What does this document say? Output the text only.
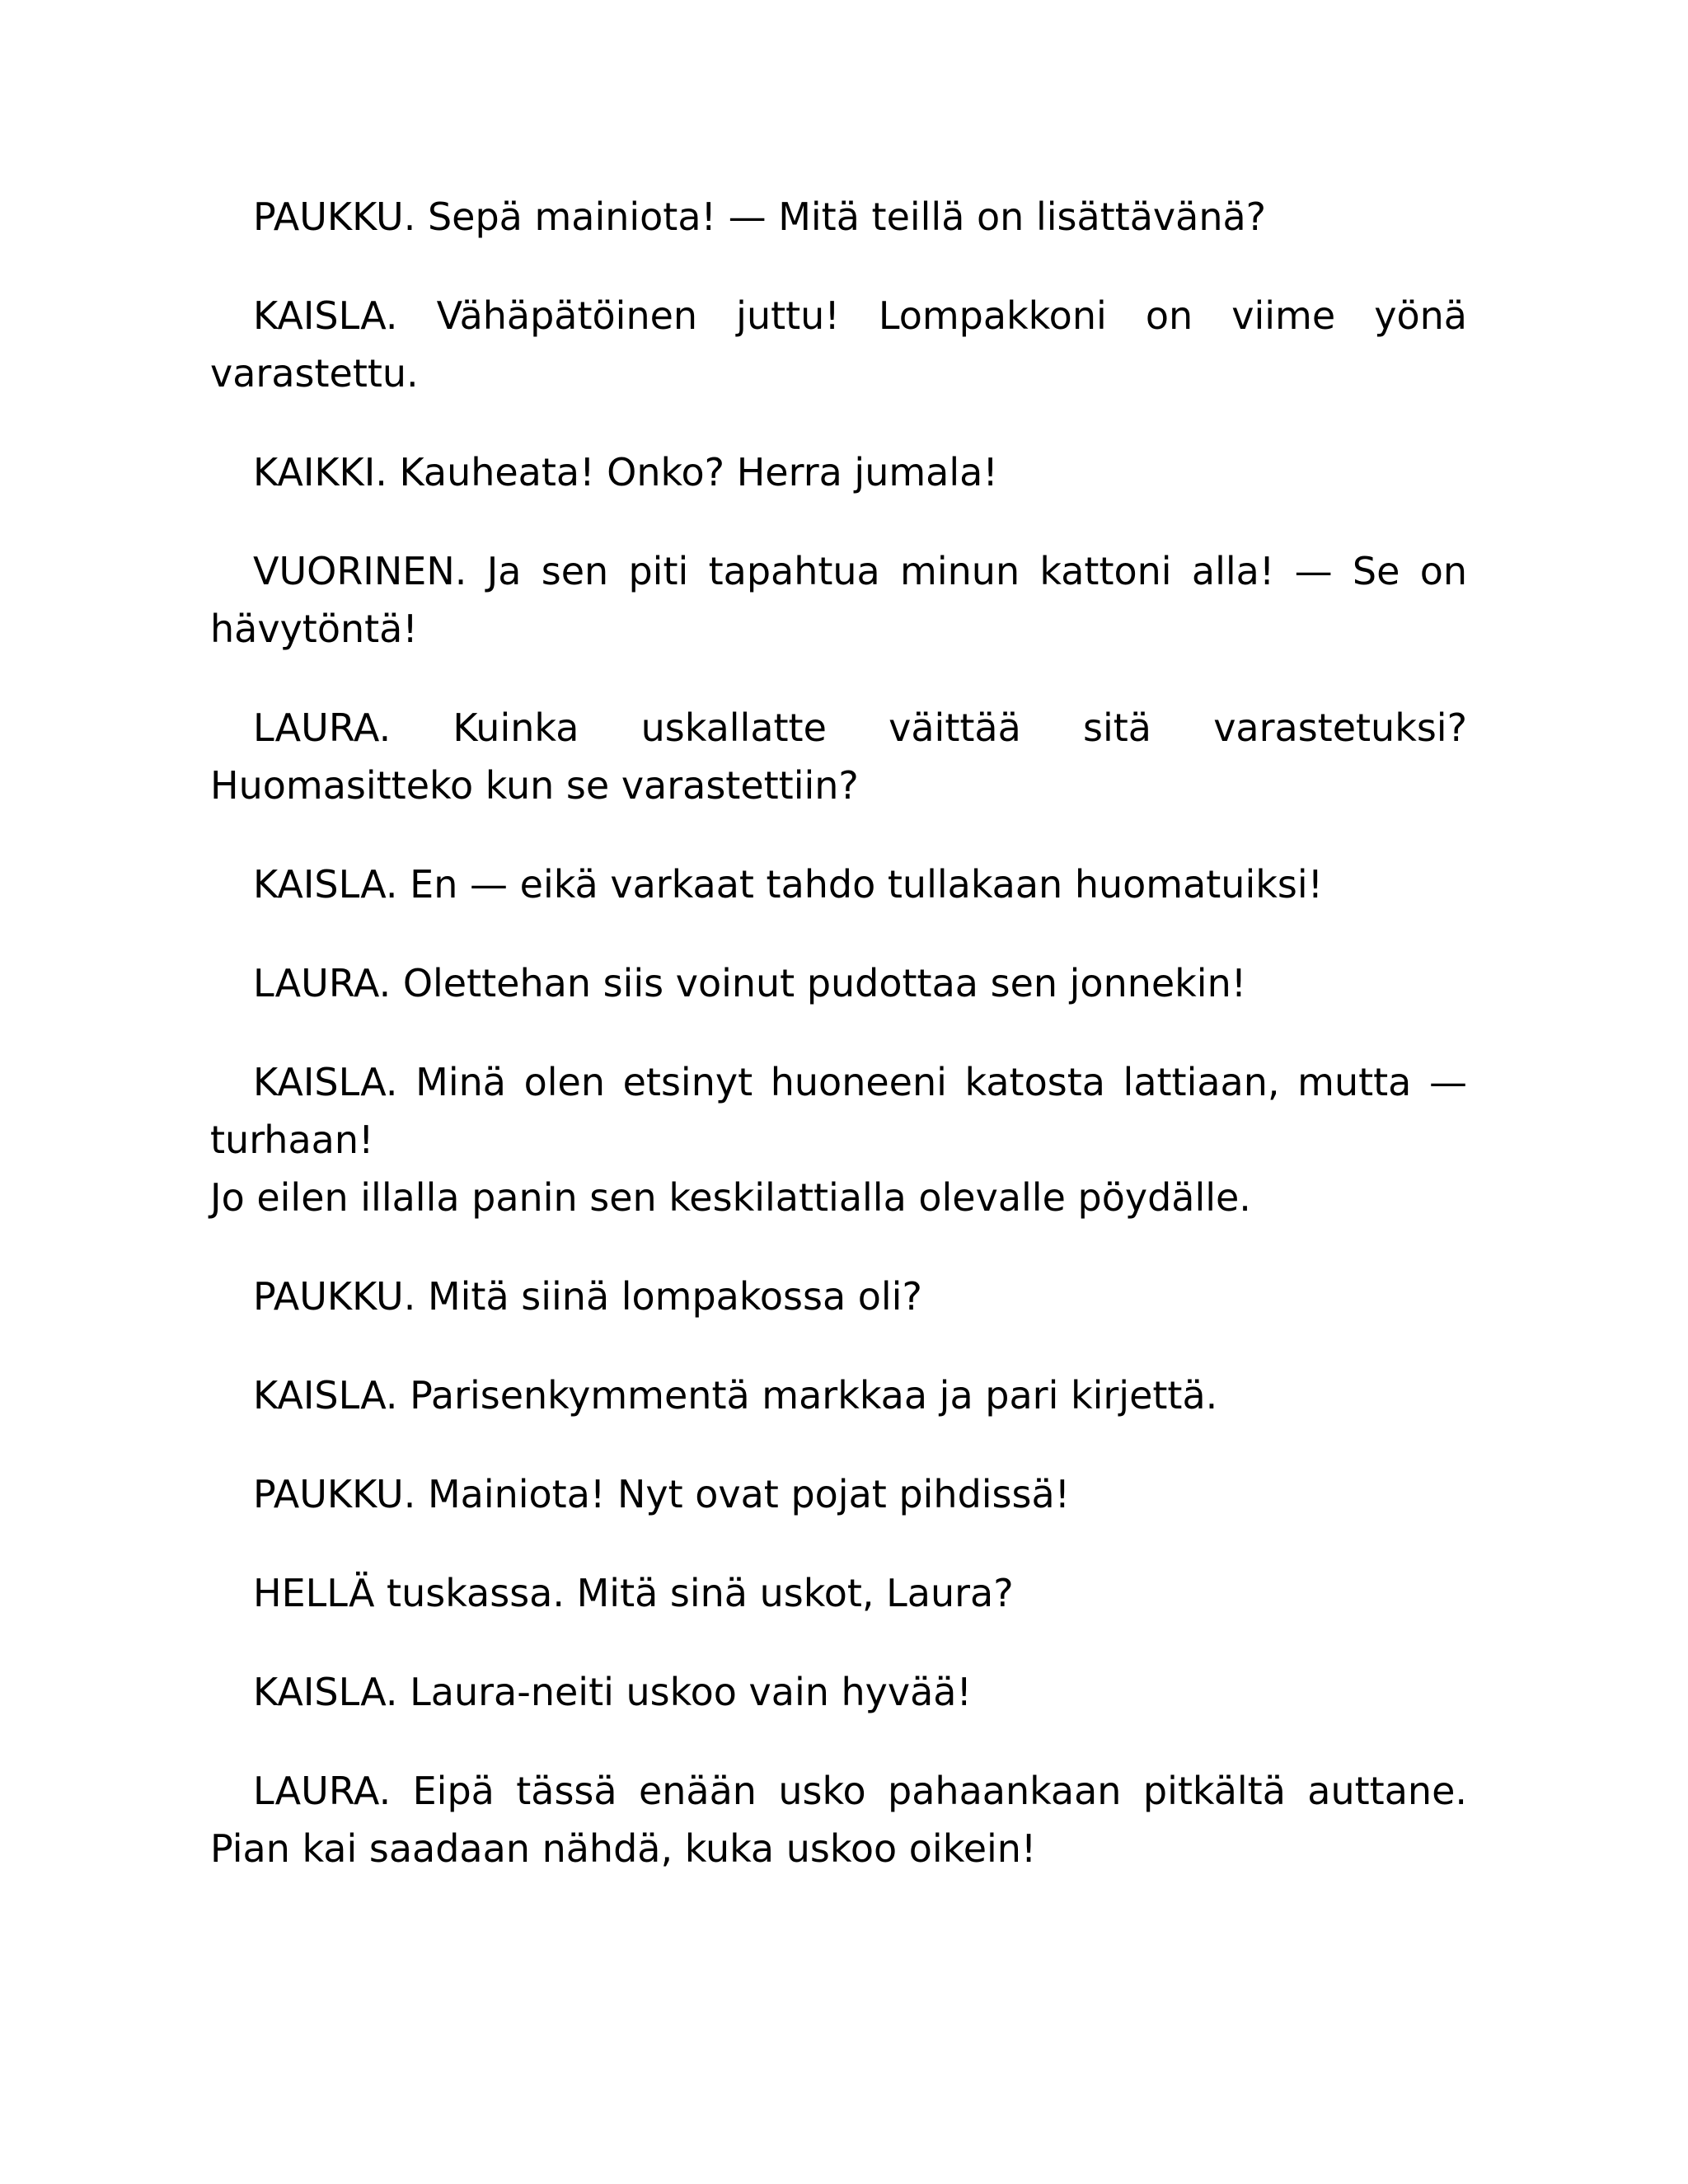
PAUKKU. Sepä mainiota! — Mitä teillä on lisättävänä?

KAISLA. Vähäpätöinen juttu! Lompakkoni on viime yönä varastettu.

KAIKKI. Kauheata! Onko? Herra jumala!

VUORINEN. Ja sen piti tapahtua minun kattoni alla! — Se on hävytöntä!

LAURA. Kuinka uskallatte väittää sitä varastetuksi? Huomasitteko kun se varastettiin?

KAISLA. En — eikä varkaat tahdo tullakaan huomatuiksi!

LAURA. Olettehan siis voinut pudottaa sen jonnekin!

KAISLA. Minä olen etsinyt huoneeni katosta lattiaan, mutta — turhaan!

Jo eilen illalla panin sen keskilattialla olevalle pöydälle.

PAUKKU. Mitä siinä lompakossa oli?

KAISLA. Parisenkymmentä markkaa ja pari kirjettä.

PAUKKU. Mainiota! Nyt ovat pojat pihdissä!

HELLÄ tuskassa. Mitä sinä uskot, Laura?

KAISLA. Laura-neiti uskoo vain hyvää!

LAURA. Eipä tässä enään usko pahaankaan pitkältä auttane. Pian kai saadaan nähdä, kuka uskoo oikein!
